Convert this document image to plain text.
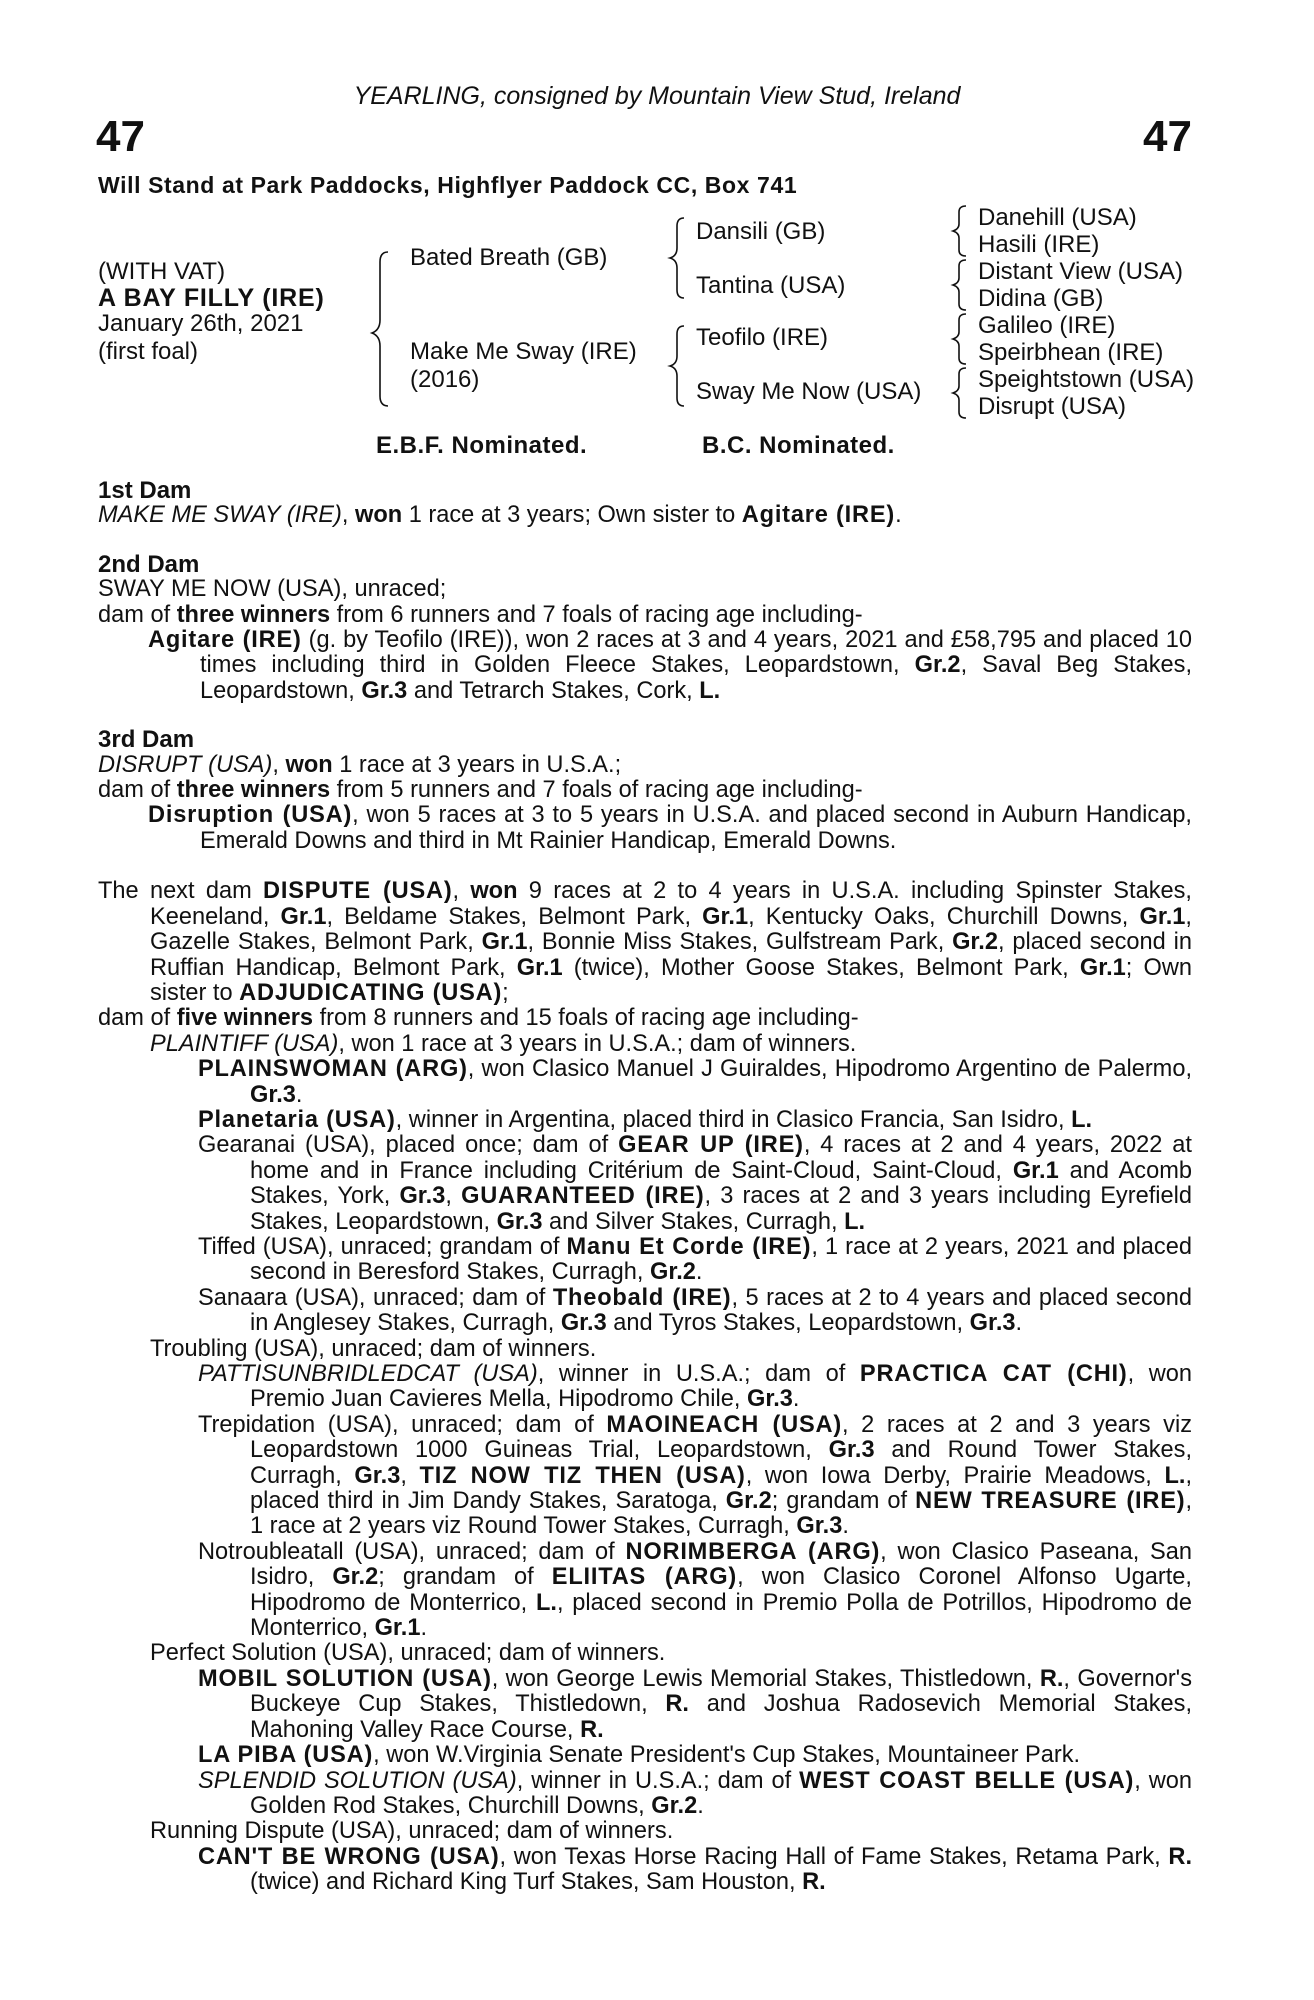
YEARLING, consigned by Mountain View Stud, Ireland
47	47
Will Stand at Park Paddocks, Highflyer Paddock CC, Box 741
(WITH VAT)
A BAY FILLY (IRE)
January 26th, 2021
(first foal)
Bated Breath (GB)
Make Me Sway (IRE)
(2016)
Dansili (GB)
Tantina (USA)
Teofilo (IRE)
Sway Me Now (USA)
Danehill (USA)
Hasili (IRE)
Distant View (USA)
Didina (GB)
Galileo (IRE)
Speirbhean (IRE)
Speightstown (USA)
Disrupt (USA)
E.B.F. Nominated.	B.C. Nominated.
1st Dam
MAKE ME SWAY (IRE), won 1 race at 3 years; Own sister to Agitare (IRE).
2nd Dam
SWAY ME NOW (USA), unraced;
dam of three winners from 6 runners and 7 foals of racing age including-
Agitare (IRE) (g. by Teofilo (IRE)), won 2 races at 3 and 4 years, 2021 and £58,795 and placed 10 times including third in Golden Fleece Stakes, Leopardstown, Gr.2, Saval Beg Stakes, Leopardstown, Gr.3 and Tetrarch Stakes, Cork, L.
3rd Dam
DISRUPT (USA), won 1 race at 3 years in U.S.A.;
dam of three winners from 5 runners and 7 foals of racing age including-
Disruption (USA), won 5 races at 3 to 5 years in U.S.A. and placed second in Auburn Handicap, Emerald Downs and third in Mt Rainier Handicap, Emerald Downs.
The next dam DISPUTE (USA), won 9 races at 2 to 4 years in U.S.A. including Spinster Stakes, Keeneland, Gr.1, Beldame Stakes, Belmont Park, Gr.1, Kentucky Oaks, Churchill Downs, Gr.1, Gazelle Stakes, Belmont Park, Gr.1, Bonnie Miss Stakes, Gulfstream Park, Gr.2, placed second in Ruffian Handicap, Belmont Park, Gr.1 (twice), Mother Goose Stakes, Belmont Park, Gr.1; Own sister to ADJUDICATING (USA);
dam of five winners from 8 runners and 15 foals of racing age including-
PLAINTIFF (USA), won 1 race at 3 years in U.S.A.; dam of winners.
PLAINSWOMAN (ARG), won Clasico Manuel J Guiraldes, Hipodromo Argentino de Palermo, Gr.3.
Planetaria (USA), winner in Argentina, placed third in Clasico Francia, San Isidro, L.
Gearanai (USA), placed once; dam of GEAR UP (IRE), 4 races at 2 and 4 years, 2022 at home and in France including Critérium de Saint-Cloud, Saint-Cloud, Gr.1 and Acomb Stakes, York, Gr.3, GUARANTEED (IRE), 3 races at 2 and 3 years including Eyrefield Stakes, Leopardstown, Gr.3 and Silver Stakes, Curragh, L.
Tiffed (USA), unraced; grandam of Manu Et Corde (IRE), 1 race at 2 years, 2021 and placed second in Beresford Stakes, Curragh, Gr.2.
Sanaara (USA), unraced; dam of Theobald (IRE), 5 races at 2 to 4 years and placed second in Anglesey Stakes, Curragh, Gr.3 and Tyros Stakes, Leopardstown, Gr.3.
Troubling (USA), unraced; dam of winners.
PATTISUNBRIDLEDCAT (USA), winner in U.S.A.; dam of PRACTICA CAT (CHI), won Premio Juan Cavieres Mella, Hipodromo Chile, Gr.3.
Trepidation (USA), unraced; dam of MAOINEACH (USA), 2 races at 2 and 3 years viz Leopardstown 1000 Guineas Trial, Leopardstown, Gr.3 and Round Tower Stakes, Curragh, Gr.3, TIZ NOW TIZ THEN (USA), won Iowa Derby, Prairie Meadows, L., placed third in Jim Dandy Stakes, Saratoga, Gr.2; grandam of NEW TREASURE (IRE), 1 race at 2 years viz Round Tower Stakes, Curragh, Gr.3.
Notroubleatall (USA), unraced; dam of NORIMBERGA (ARG), won Clasico Paseana, San Isidro, Gr.2; grandam of ELIITAS (ARG), won Clasico Coronel Alfonso Ugarte, Hipodromo de Monterrico, L., placed second in Premio Polla de Potrillos, Hipodromo de Monterrico, Gr.1.
Perfect Solution (USA), unraced; dam of winners.
MOBIL SOLUTION (USA), won George Lewis Memorial Stakes, Thistledown, R., Governor's Buckeye Cup Stakes, Thistledown, R. and Joshua Radosevich Memorial Stakes, Mahoning Valley Race Course, R.
LA PIBA (USA), won W.Virginia Senate President's Cup Stakes, Mountaineer Park.
SPLENDID SOLUTION (USA), winner in U.S.A.; dam of WEST COAST BELLE (USA), won Golden Rod Stakes, Churchill Downs, Gr.2.
Running Dispute (USA), unraced; dam of winners.
CAN'T BE WRONG (USA), won Texas Horse Racing Hall of Fame Stakes, Retama Park, R. (twice) and Richard King Turf Stakes, Sam Houston, R.
